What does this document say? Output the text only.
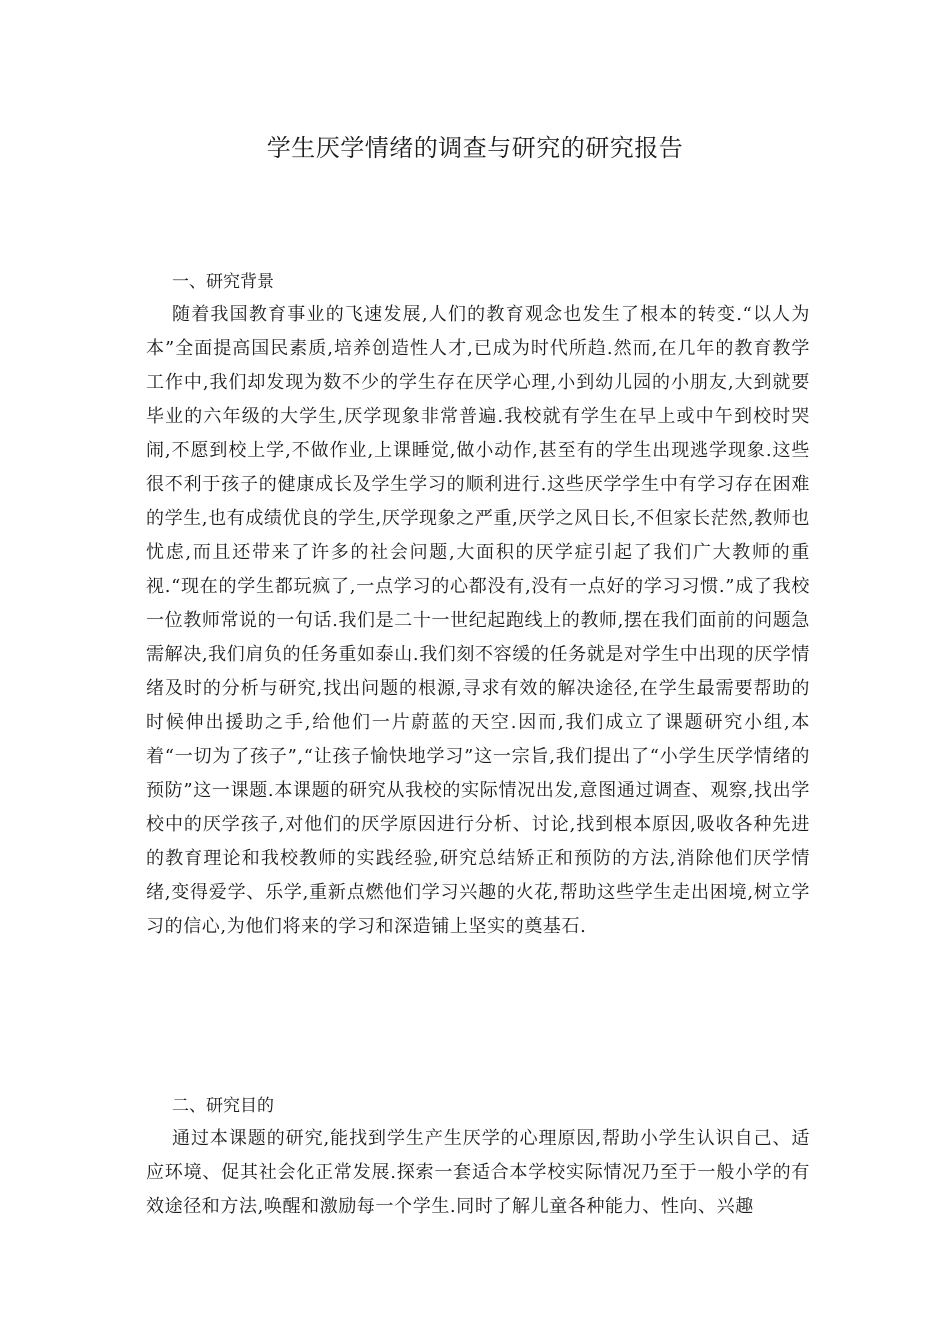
学生厌学情绪的调查与研究的研究报告
一、研究背景

随着我国教育事业的飞速发展,人们的教育观念也发生了根本的转变.“以人为本”全面提高国民素质,培养创造性人才,已成为时代所趋.然而,在几年的教育教学工作中,我们却发现为数不少的学生存在厌学心理,小到幼儿园的小朋友,大到就要毕业的六年级的大学生,厌学现象非常普遍.我校就有学生在早上或中午到校时哭闹,不愿到校上学,不做作业,上课睡觉,做小动作,甚至有的学生出现逃学现象.这些很不利于孩子的健康成长及学生学习的顺利进行.这些厌学学生中有学习存在困难的学生,也有成绩优良的学生,厌学现象之严重,厌学之风日长,不但家长茫然,教师也忧虑,而且还带来了许多的社会问题,大面积的厌学症引起了我们广大教师的重视.“现在的学生都玩疯了,一点学习的心都没有,没有一点好的学习习惯.”成了我校一位教师常说的一句话.我们是二十一世纪起跑线上的教师,摆在我们面前的问题急需解决,我们肩负的任务重如泰山.我们刻不容缓的任务就是对学生中出现的厌学情绪及时的分析与研究,找出问题的根源,寻求有效的解决途径,在学生最需要帮助的时候伸出援助之手,给他们一片蔚蓝的天空.因而,我们成立了课题研究小组,本着“一切为了孩子”,“让孩子愉快地学习”这一宗旨,我们提出了“小学生厌学情绪的预防”这一课题.本课题的研究从我校的实际情况出发,意图通过调查、观察,找出学校中的厌学孩子,对他们的厌学原因进行分析、讨论,找到根本原因,吸收各种先进的教育理论和我校教师的实践经验,研究总结矫正和预防的方法,消除他们厌学情绪,变得爱学、乐学,重新点燃他们学习兴趣的火花,帮助这些学生走出困境,树立学习的信心,为他们将来的学习和深造铺上坚实的奠基石.

二、研究目的

通过本课题的研究,能找到学生产生厌学的心理原因,帮助小学生认识自己、适应环境、促其社会化正常发展.探索一套适合本学校实际情况乃至于一般小学的有效途径和方法,唤醒和激励每一个学生.同时了解儿童各种能力、性向、兴趣
